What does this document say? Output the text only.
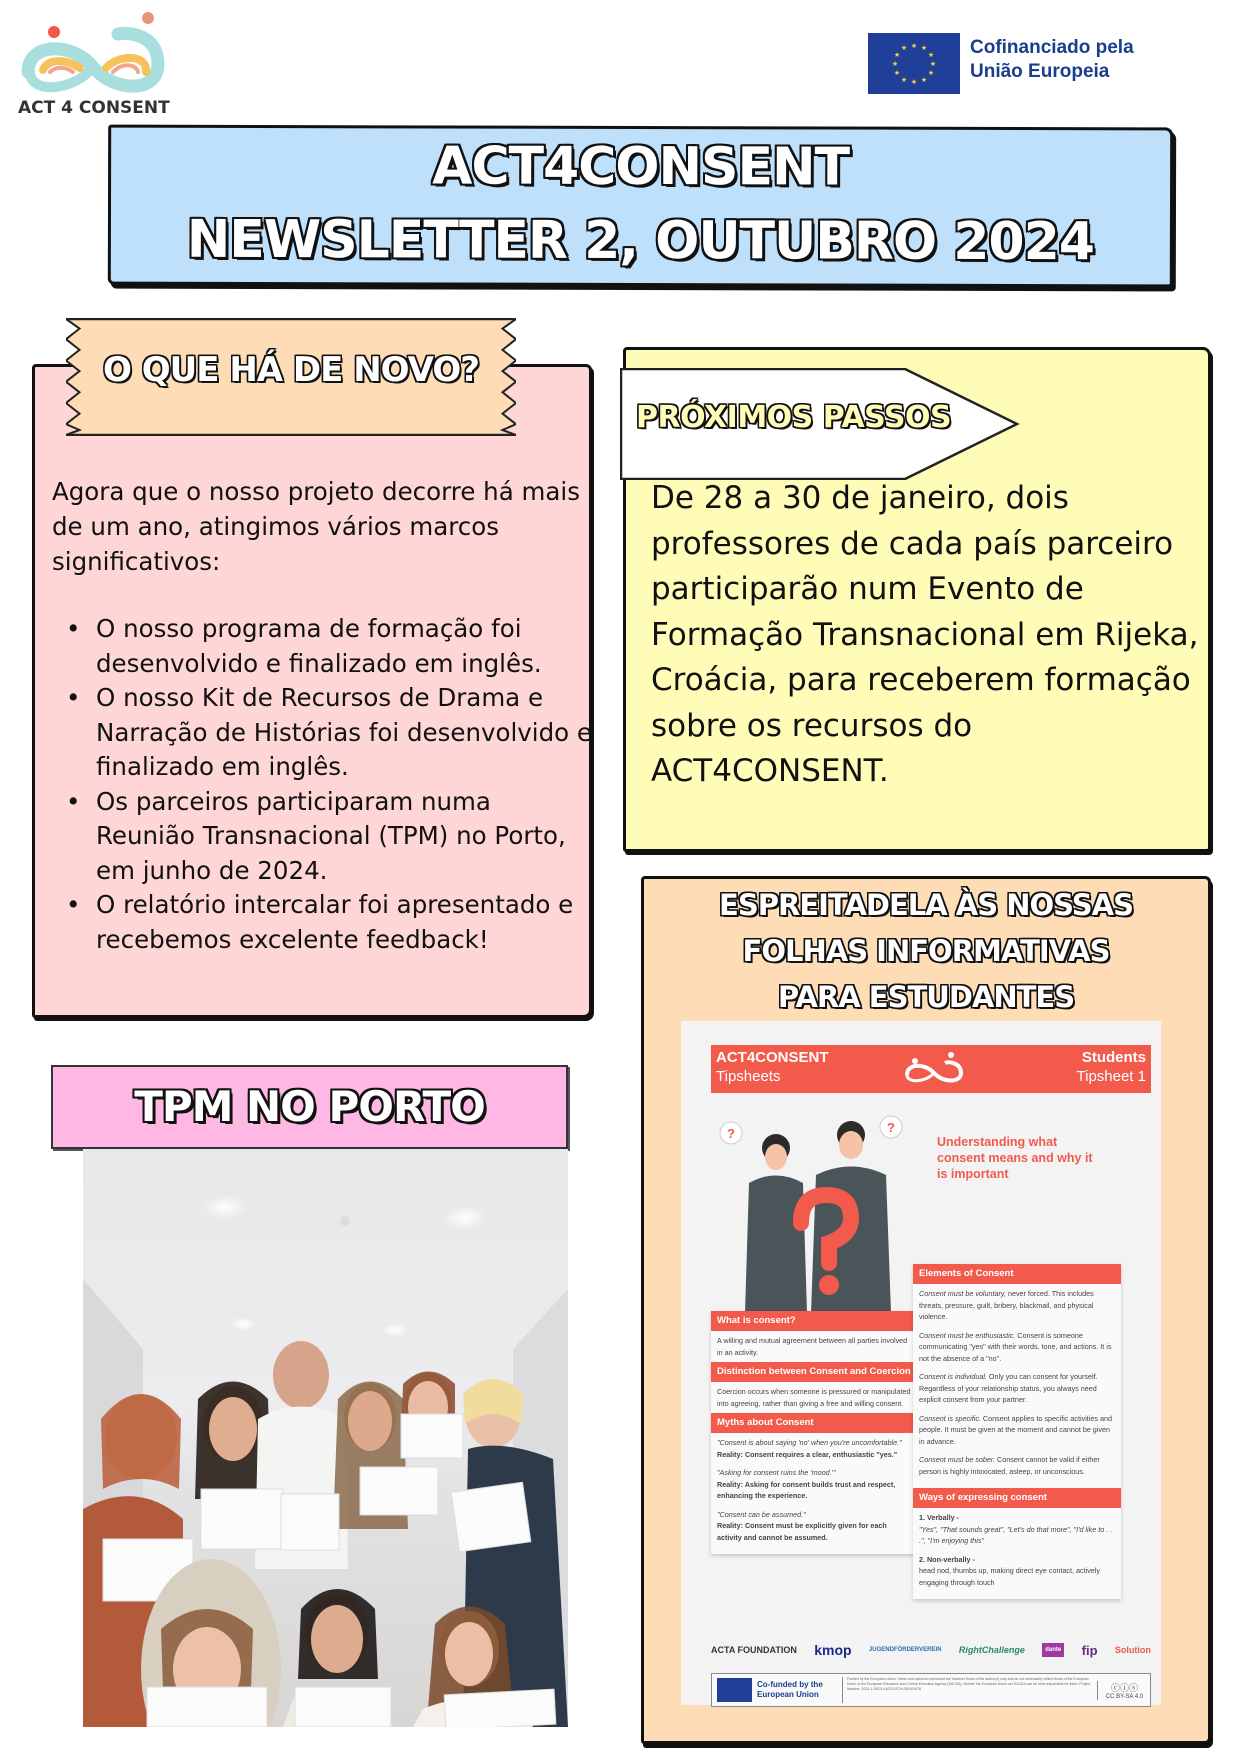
ACT 4 CONSENT
★ ★
★
★
★
★
★
★
★
★
★
★	Cofinanciado pela
União Europeia
ACT4CONSENT
NEWSLETTER 2, OUTUBRO 2024
O QUE HÁ DE NOVO?
Agora que o nosso projeto decorre há mais de um ano, atingimos vários marcos significativos:
• O nosso programa de formação foi desenvolvido e finalizado em inglês.
• O nosso Kit de Recursos de Drama e Narração de Histórias foi desenvolvido e finalizado em inglês.
• Os parceiros participaram numa Reunião Transnacional (TPM) no Porto, em junho de 2024.
• O relatório intercalar foi apresentado e recebemos excelente feedback!
PRÓXIMOS PASSOS
De 28 a 30 de janeiro, dois professores de cada país parceiro participarão num Evento de Formação Transnacional em Rijeka, Croácia, para receberem formação sobre os recursos do ACT4CONSENT.
ESPREITADELA ÀS NOSSAS
FOLHAS INFORMATIVAS
PARA ESTUDANTES
ACT4CONSENT
Tipsheets
Students
Tipsheet 1
?	?
Understanding what consent means and why it is important
What is consent?
A willing and mutual agreement between all parties involved in an activity.
Distinction between Consent and Coercion
Coercion occurs when someone is pressured or manipulated into agreeing, rather than giving a free and willing consent.
Myths about Consent

"Consent is about saying 'no' when you're uncomfortable."
Reality: Consent requires a clear, enthusiastic "yes."

"Asking for consent ruins the 'mood.'"
Reality: Asking for consent builds trust and respect, enhancing the experience.

"Consent can be assumed."
Reality: Consent must be explicitly given for each activity and cannot be assumed.

Elements of Consent

Consent must be voluntary, never forced. This includes threats, pressure, guilt, bribery, blackmail, and physical violence.

Consent must be enthusiastic. Consent is someone communicating "yes" with their words, tone, and actions. It is not the absence of a "no".

Consent is individual. Only you can consent for yourself. Regardless of your relationship status, you always need explicit consent from your partner.

Consent is specific. Consent applies to specific activities and people. It must be given at the moment and cannot be given in advance.

Consent must be sober. Consent cannot be valid if either person is highly intoxicated, asleep, or unconscious.

Ways of expressing consent

1. Verbally -
"Yes", "That sounds great", "Let's do that more", "I'd like to . . .", "I'm enjoying this"

2. Non-verbally -
head nod, thumbs up, making direct eye contact, actively engaging through touch

ACTA FOUNDATION kmop	JUGENDFÖRDERVEREIN RightChallenge	dante fip Solution
Co-funded by the European Union
Funded by the European Union. Views and opinions expressed are however those of the author(s) only and do not necessarily reflect those of the European Union or the European Education and Culture Executive Agency (EACEA). Neither the European Union nor EACEA can be held responsible for them. Project Number: 2023-1-DE03-KA220-SCH-000161076	ⓒⓘⓢ
CC BY-SA 4.0
TPM NO PORTO
